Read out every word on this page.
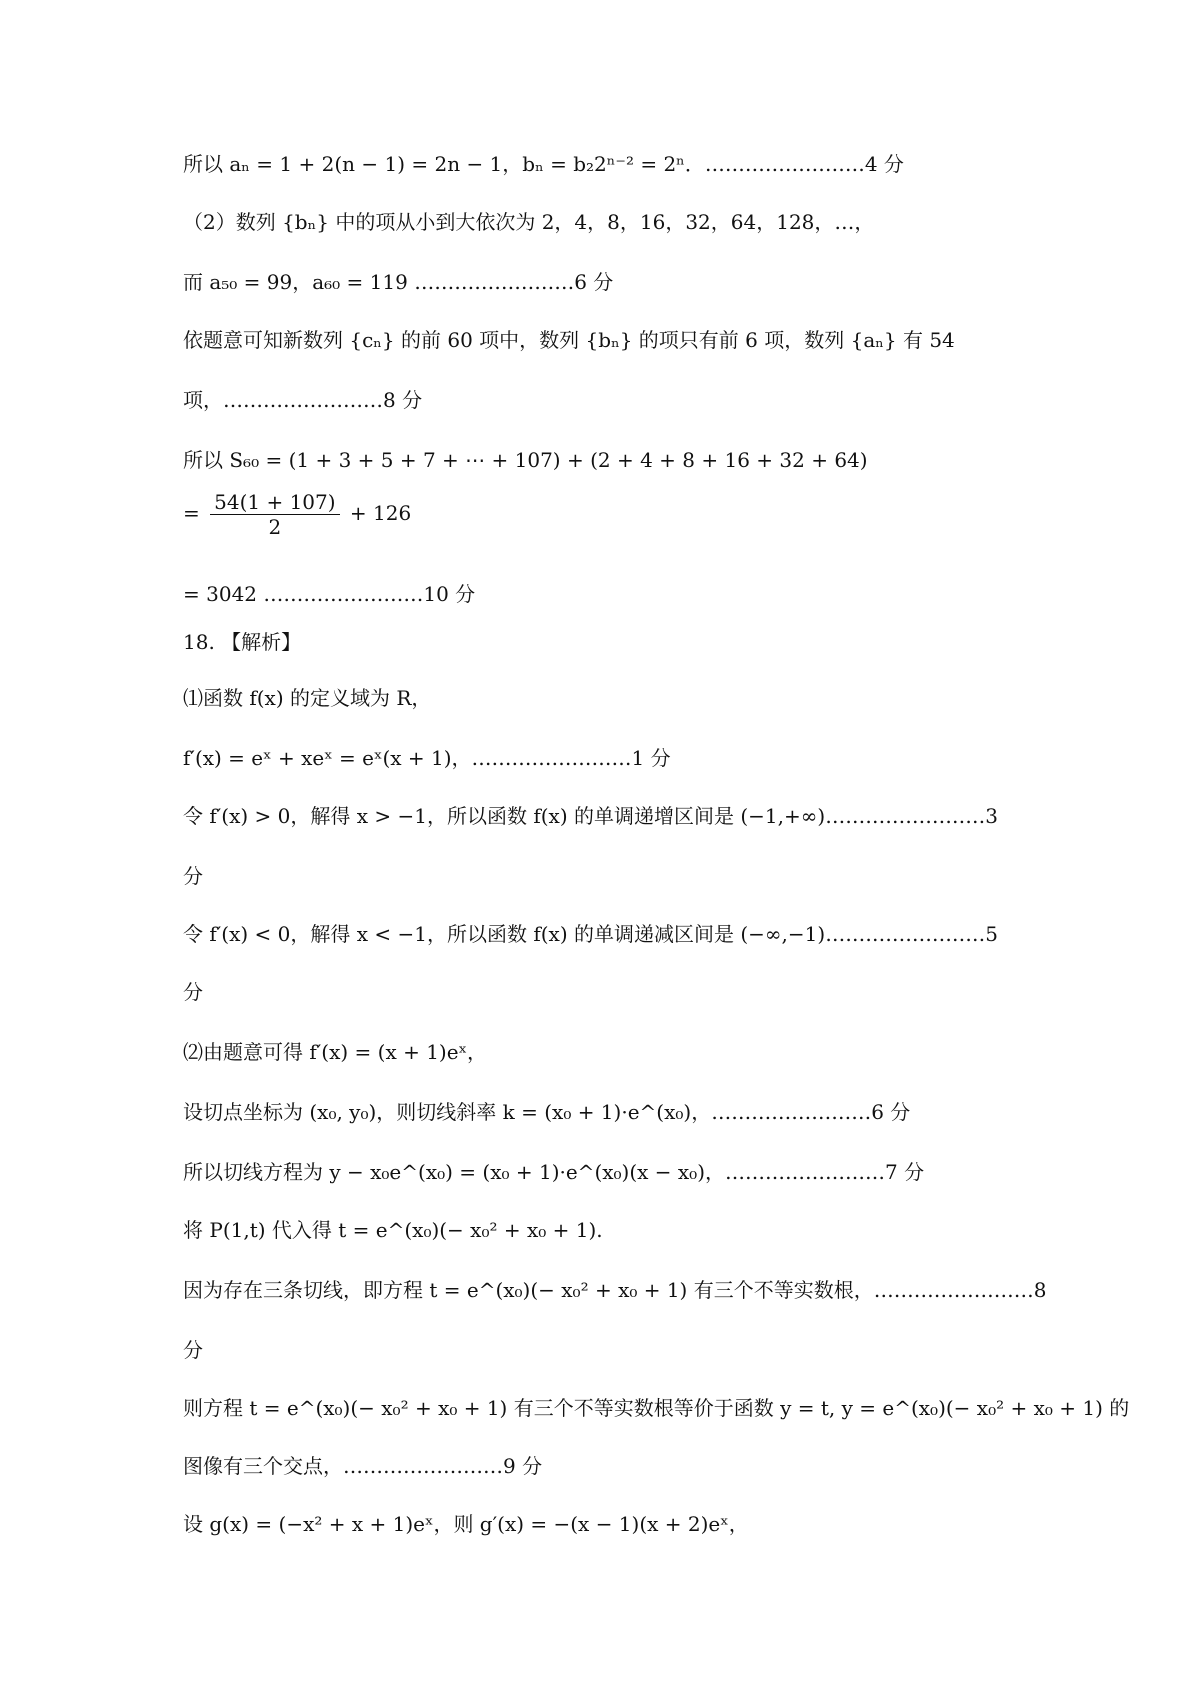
所以 aₙ = 1 + 2(n − 1) = 2n − 1，bₙ = b₂2ⁿ⁻² = 2ⁿ．……………………4 分
（2）数列 {bₙ} 中的项从小到大依次为 2，4，8，16，32，64，128，…，
而 a₅₀ = 99，a₆₀ = 119 ……………………6 分
依题意可知新数列 {cₙ} 的前 60 项中，数列 {bₙ} 的项只有前 6 项，数列 {aₙ} 有 54
项，……………………8 分
所以 S₆₀ = (1 + 3 + 5 + 7 + ⋯ + 107) + (2 + 4 + 8 + 16 + 32 + 64)
= $\frac{54(1 + 107)}{2} + 126$
= 3042 ……………………10 分
18. 【解析】
⑴函数 f(x) 的定义域为 R，
f′(x) = eˣ + xeˣ = eˣ(x + 1)，……………………1 分
令 f′(x) > 0，解得 x > −1，所以函数 f(x) 的单调递增区间是 (−1,+∞)……………………3
分
令 f′(x) < 0，解得 x < −1，所以函数 f(x) 的单调递减区间是 (−∞,−1)……………………5
分
⑵由题意可得 f′(x) = (x + 1)eˣ，
设切点坐标为 (x₀, y₀)，则切线斜率 k = (x₀ + 1)·e^(x₀)，……………………6 分
所以切线方程为 y − x₀e^(x₀) = (x₀ + 1)·e^(x₀)(x − x₀)，……………………7 分
将 P(1,t) 代入得 t = e^(x₀)(− x₀² + x₀ + 1).
因为存在三条切线，即方程 t = e^(x₀)(− x₀² + x₀ + 1) 有三个不等实数根，……………………8
分
则方程 t = e^(x₀)(− x₀² + x₀ + 1) 有三个不等实数根等价于函数 y = t, y = e^(x₀)(− x₀² + x₀ + 1) 的
图像有三个交点，……………………9 分
设 g(x) = (−x² + x + 1)eˣ，则 g′(x) = −(x − 1)(x + 2)eˣ，
